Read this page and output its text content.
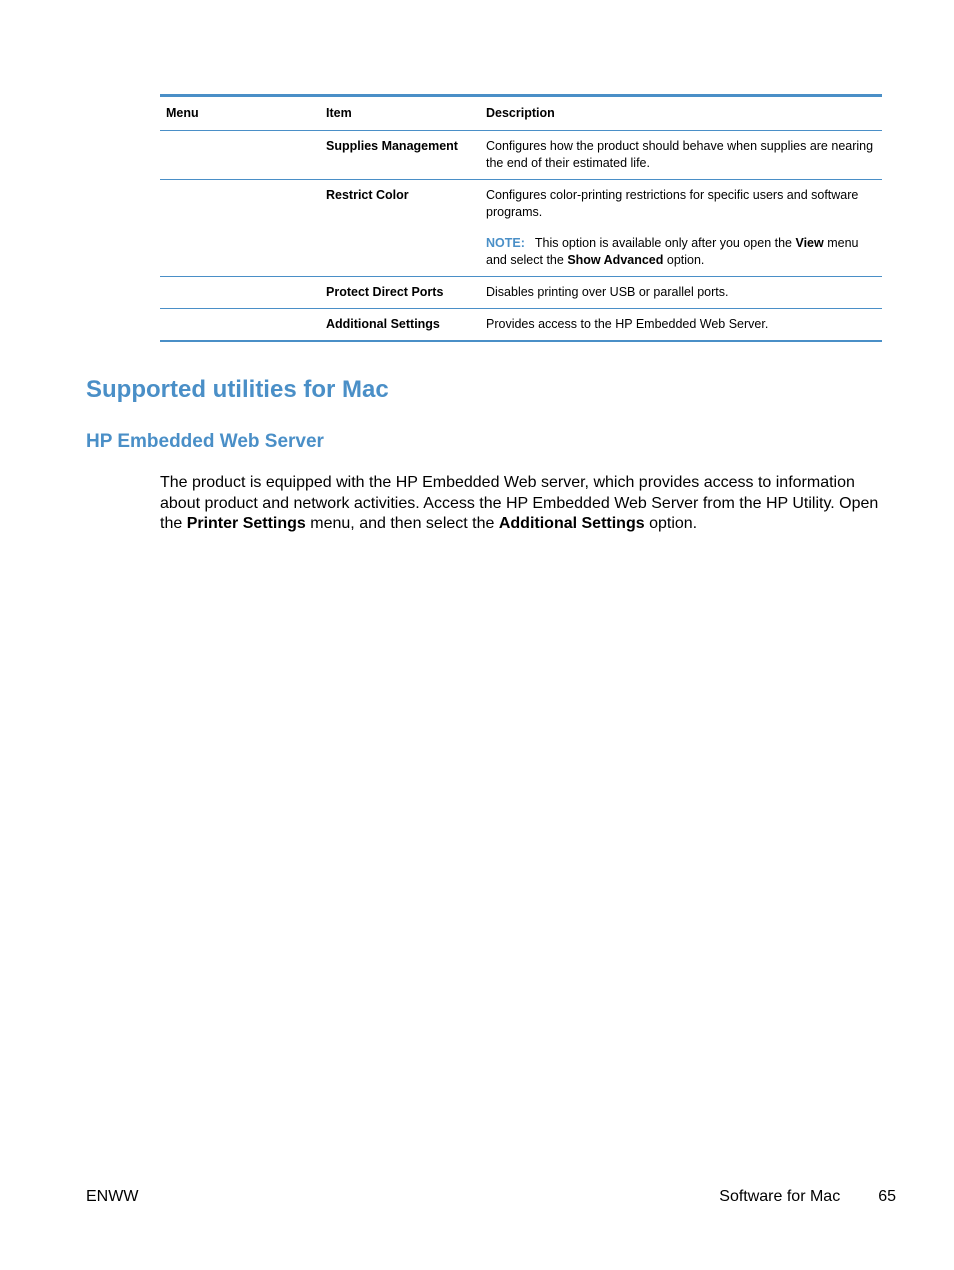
Menu	Item	Description
	Supplies Management	Configures how the product should behave when supplies are nearing the end of their estimated life.
	Restrict Color	Configures color-printing restrictions for specific users and software programs.
NOTE: This option is available only after you open the View menu and select the Show Advanced option.

	Protect Direct Ports	Disables printing over USB or parallel ports.
	Additional Settings	Provides access to the HP Embedded Web Server.
Supported utilities for Mac
HP Embedded Web Server

The product is equipped with the HP Embedded Web server, which provides access to information about product and network activities. Access the HP Embedded Web Server from the HP Utility. Open the Printer Settings menu, and then select the Additional Settings option.

ENWW	Software for Mac 65
